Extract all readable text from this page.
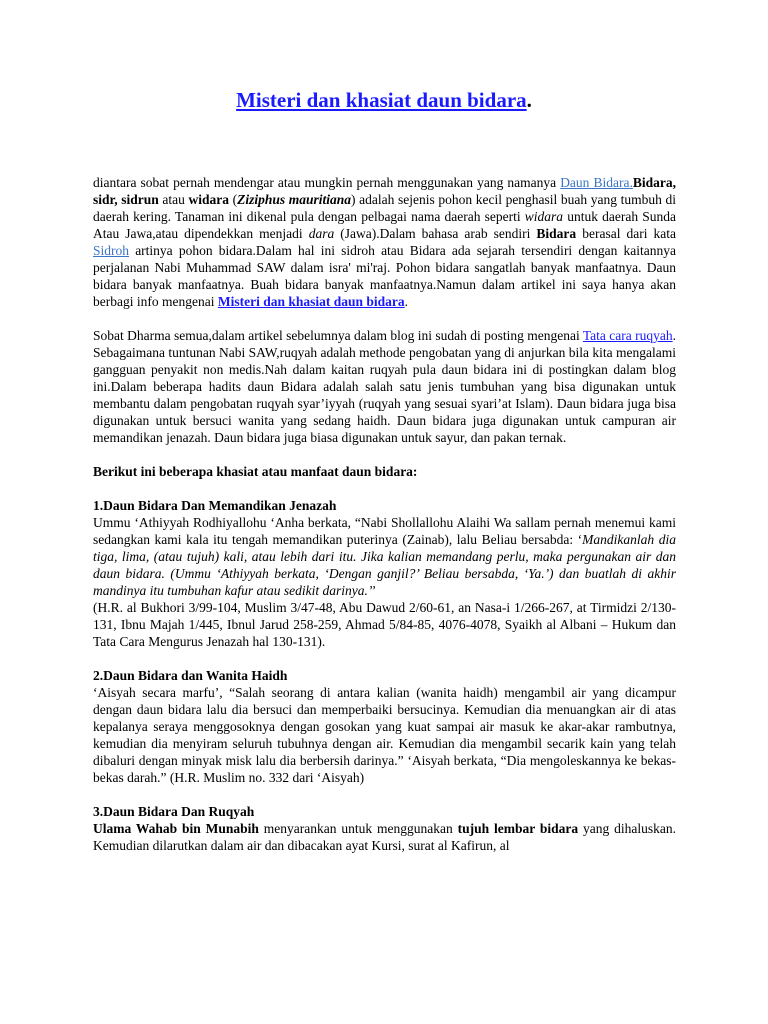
Misteri dan khasiat daun bidara.

diantara sobat pernah mendengar atau mungkin pernah menggunakan yang namanya Daun Bidara.Bidara, sidr, sidrun atau widara (Ziziphus mauritiana) adalah sejenis pohon kecil penghasil buah yang tumbuh di daerah kering. Tanaman ini dikenal pula dengan pelbagai nama daerah seperti widara untuk daerah Sunda Atau Jawa,atau dipendekkan menjadi dara (Jawa).Dalam bahasa arab sendiri Bidara berasal dari kata Sidroh artinya pohon bidara.Dalam hal ini sidroh atau Bidara ada sejarah tersendiri dengan kaitannya perjalanan Nabi Muhammad SAW dalam isra' mi'raj. Pohon bidara sangatlah banyak manfaatnya. Daun bidara banyak manfaatnya. Buah bidara banyak manfaatnya.Namun dalam artikel ini saya hanya akan berbagi info mengenai Misteri dan khasiat daun bidara.

Sobat Dharma semua,dalam artikel sebelumnya dalam blog ini sudah di posting mengenai Tata cara ruqyah. Sebagaimana tuntunan Nabi SAW,ruqyah adalah methode pengobatan yang di anjurkan bila kita mengalami gangguan penyakit non medis.Nah dalam kaitan ruqyah pula daun bidara ini di postingkan dalam blog ini.Dalam beberapa hadits daun Bidara adalah salah satu jenis tumbuhan yang bisa digunakan untuk membantu dalam pengobatan ruqyah syar’iyyah (ruqyah yang sesuai syari’at Islam). Daun bidara juga bisa digunakan untuk bersuci wanita yang sedang haidh. Daun bidara juga digunakan untuk campuran air memandikan jenazah. Daun bidara juga biasa digunakan untuk sayur, dan pakan ternak.

Berikut ini beberapa khasiat atau manfaat daun bidara:

1.Daun Bidara Dan Memandikan Jenazah

Ummu ‘Athiyyah Rodhiyallohu ‘Anha berkata, “Nabi Shollallohu Alaihi Wa sallam pernah menemui kami sedangkan kami kala itu tengah memandikan puterinya (Zainab), lalu Beliau bersabda: ‘Mandikanlah dia tiga, lima, (atau tujuh) kali, atau lebih dari itu. Jika kalian memandang perlu, maka pergunakan air dan daun bidara. (Ummu ‘Athiyyah berkata, ‘Dengan ganjil?’ Beliau bersabda, ‘Ya.’) dan buatlah di akhir mandinya itu tumbuhan kafur atau sedikit darinya.’’

(H.R. al Bukhori 3/99-104, Muslim 3/47-48, Abu Dawud 2/60-61, an Nasa-i 1/266-267, at Tirmidzi 2/130-131, Ibnu Majah 1/445, Ibnul Jarud 258-259, Ahmad 5/84-85, 4076-4078, Syaikh al Albani – Hukum dan Tata Cara Mengurus Jenazah hal 130-131).

2.Daun Bidara dan Wanita Haidh

‘Aisyah secara marfu’, “Salah seorang di antara kalian (wanita haidh) mengambil air yang dicampur dengan daun bidara lalu dia bersuci dan memperbaiki bersucinya. Kemudian dia menuangkan air di atas kepalanya seraya menggosoknya dengan gosokan yang kuat sampai air masuk ke akar-akar rambutnya, kemudian dia menyiram seluruh tubuhnya dengan air. Kemudian dia mengambil secarik kain yang telah dibaluri dengan minyak misk lalu dia berbersih darinya.” ‘Aisyah berkata, “Dia mengoleskannya ke bekas-bekas darah.” (H.R. Muslim no. 332 dari ‘Aisyah)

3.Daun Bidara Dan Ruqyah

Ulama Wahab bin Munabih menyarankan untuk menggunakan tujuh lembar bidara yang dihaluskan. Kemudian dilarutkan dalam air dan dibacakan ayat Kursi, surat al Kafirun, al
